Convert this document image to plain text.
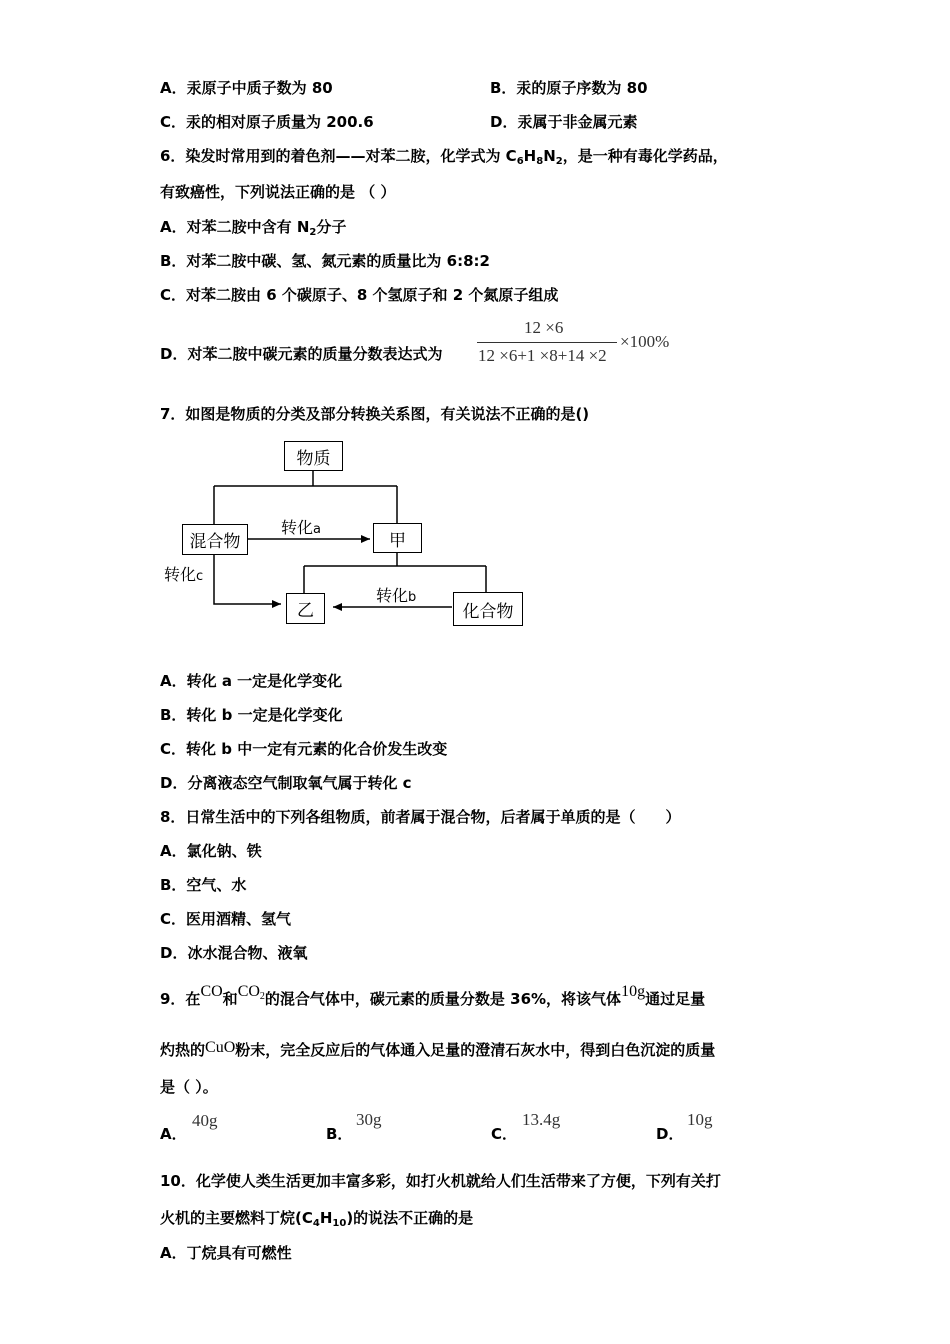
A．汞原子中质子数为 80	B．汞的原子序数为 80
C．汞的相对原子质量为 200.6	D．汞属于非金属元素
6．染发时常用到的着色剂——对苯二胺，化学式为 $C_6H_8N_2$，是一种有毒化学药品，
有致癌性，下列说法正确的是 （ ）
A．对苯二胺中含有 $N_2$分子
B．对苯二胺中碳、氢、氮元素的质量比为 6:8:2
C．对苯二胺由 6 个碳原子、8 个氢原子和 2 个氮原子组成
D．对苯二胺中碳元素的质量分数表达式为
12 ×6
12 ×6+1 ×8+14 ×2
×100%
7．如图是物质的分类及部分转换关系图，有关说法不正确的是()
物质
混合物	甲
乙	化合物
转化a
转化b
转化c
A．转化 a 一定是化学变化
B．转化 b 一定是化学变化
C．转化 b 中一定有元素的化合价发生改变
D．分离液态空气制取氧气属于转化 c
8．日常生活中的下列各组物质，前者属于混合物，后者属于单质的是（　　）
A．氯化钠、铁
B．空气、水
C．医用酒精、氢气
D．冰水混合物、液氧
9．在CO和$CO_2$的混合气体中，碳元素的质量分数是 36%，将该气体10g通过足量
灼热的CuO粉末，完全反应后的气体通入足量的澄清石灰水中，得到白色沉淀的质量
是（ ）。
A．
40g
B．
30g
C．
13.4g
D．
10g
10．化学使人类生活更加丰富多彩，如打火机就给人们生活带来了方便，下列有关打
火机的主要燃料丁烷$(C_4H_{10})$的说法不正确的是
A．丁烷具有可燃性
